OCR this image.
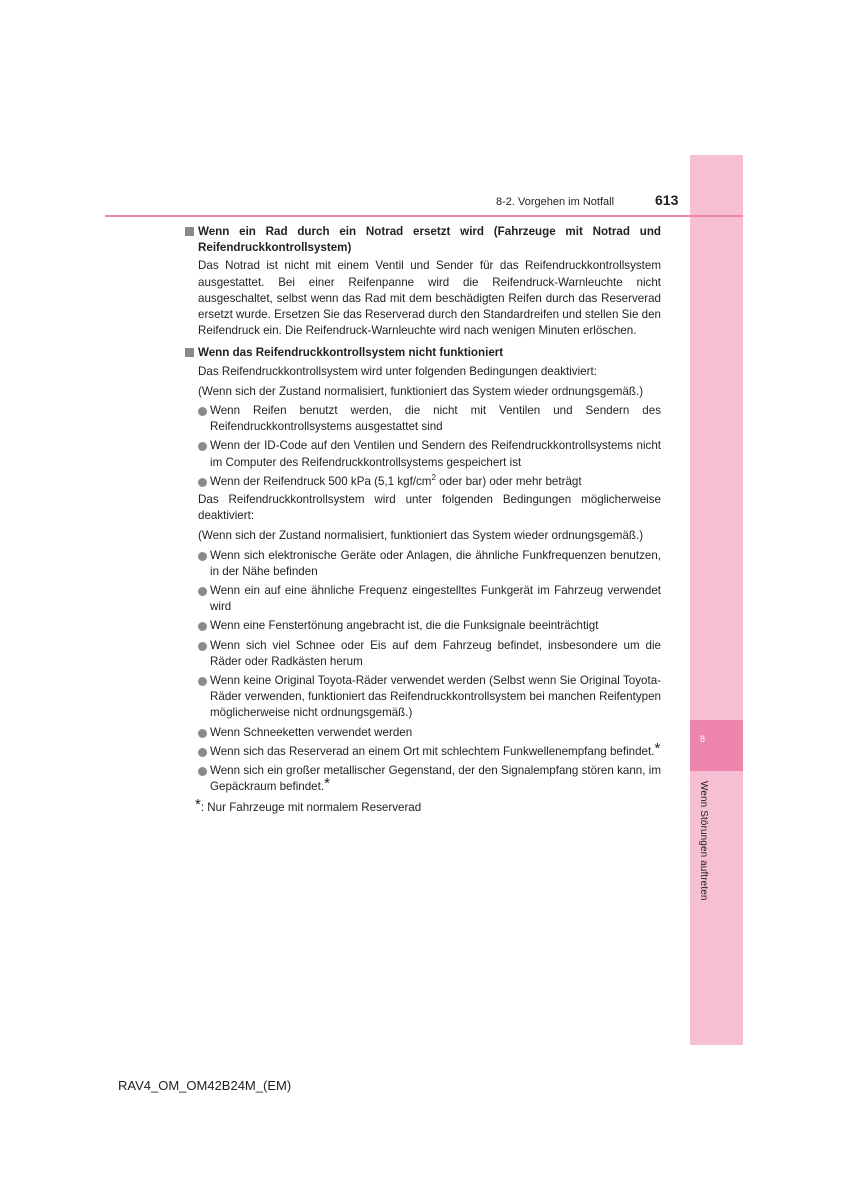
8
Wenn Störungen auftreten
8-2. Vorgehen im Notfall	613
Wenn ein Rad durch ein Notrad ersetzt wird (Fahrzeuge mit Notrad und Reifendruckkontrollsystem)
Das Notrad ist nicht mit einem Ventil und Sender für das Reifendruckkontrollsystem ausgestattet. Bei einer Reifenpanne wird die Reifendruck-Warnleuchte nicht ausgeschaltet, selbst wenn das Rad mit dem beschädigten Reifen durch das Reserverad ersetzt wurde. Ersetzen Sie das Reserverad durch den Standardreifen und stellen Sie den Reifendruck ein. Die Reifendruck-Warnleuchte wird nach wenigen Minuten erlöschen.
Wenn das Reifendruckkontrollsystem nicht funktioniert
Das Reifendruckkontrollsystem wird unter folgenden Bedingungen deaktiviert:
(Wenn sich der Zustand normalisiert, funktioniert das System wieder ordnungsgemäß.)
Wenn Reifen benutzt werden, die nicht mit Ventilen und Sendern des Reifendruckkontrollsystems ausgestattet sind
Wenn der ID-Code auf den Ventilen und Sendern des Reifendruckkontrollsystems nicht im Computer des Reifendruckkontrollsystems gespeichert ist
Wenn der Reifendruck 500 kPa (5,1 kgf/$cm^2$ oder bar) oder mehr beträgt
Das Reifendruckkontrollsystem wird unter folgenden Bedingungen möglicherweise deaktiviert:
(Wenn sich der Zustand normalisiert, funktioniert das System wieder ordnungsgemäß.)
Wenn sich elektronische Geräte oder Anlagen, die ähnliche Funkfrequenzen benutzen, in der Nähe befinden
Wenn ein auf eine ähnliche Frequenz eingestelltes Funkgerät im Fahrzeug verwendet wird
Wenn eine Fenstertönung angebracht ist, die die Funksignale beeinträchtigt
Wenn sich viel Schnee oder Eis auf dem Fahrzeug befindet, insbesondere um die Räder oder Radkästen herum
Wenn keine Original Toyota-Räder verwendet werden (Selbst wenn Sie Original Toyota-Räder verwenden, funktioniert das Reifendruckkontrollsystem bei manchen Reifentypen möglicherweise nicht ordnungsgemäß.)
Wenn Schneeketten verwendet werden
Wenn sich das Reserverad an einem Ort mit schlechtem Funkwellenempfang befindet.*
Wenn sich ein großer metallischer Gegenstand, der den Signalempfang stören kann, im Gepäckraum befindet.*
*: Nur Fahrzeuge mit normalem Reserverad
RAV4_OM_OM42B24M_(EM)
